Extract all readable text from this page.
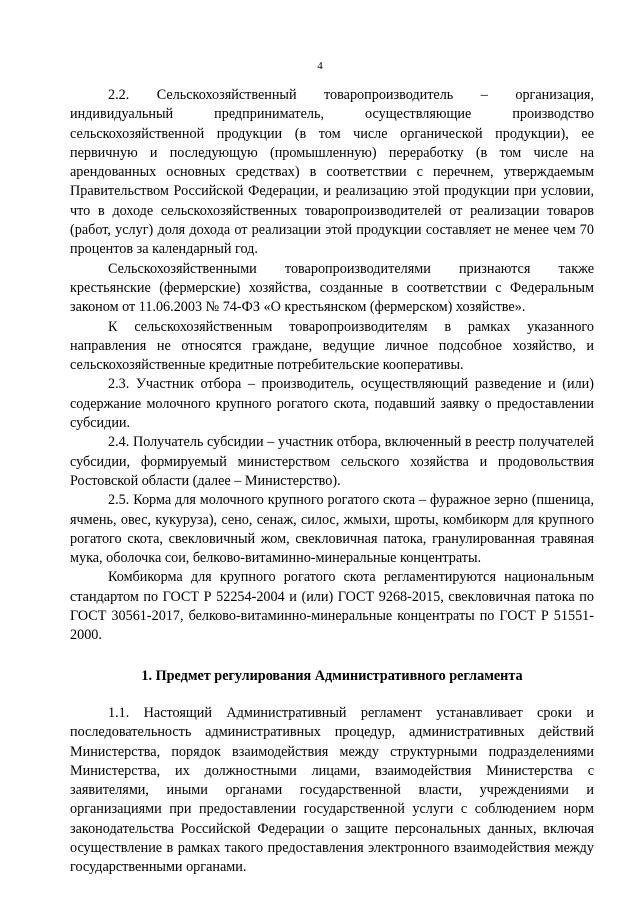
4

2.2. Сельскохозяйственный товаропроизводитель – организация, индивидуальный предприниматель, осуществляющие производство сельскохозяйственной продукции (в том числе органической продукции), ее первичную и последующую (промышленную) переработку (в том числе на арендованных основных средствах) в соответствии с перечнем, утверждаемым Правительством Российской Федерации, и реализацию этой продукции при условии, что в доходе сельскохозяйственных товаропроизводителей от реализации товаров (работ, услуг) доля дохода от реализации этой продукции составляет не менее чем 70 процентов за календарный год.

Сельскохозяйственными товаропроизводителями признаются также крестьянские (фермерские) хозяйства, созданные в соответствии с Федеральным законом от 11.06.2003 № 74-ФЗ «О крестьянском (фермерском) хозяйстве».

К сельскохозяйственным товаропроизводителям в рамках указанного направления не относятся граждане, ведущие личное подсобное хозяйство, и сельскохозяйственные кредитные потребительские кооперативы.

2.3. Участник отбора – производитель, осуществляющий разведение и (или) содержание молочного крупного рогатого скота, подавший заявку о предоставлении субсидии.

2.4. Получатель субсидии – участник отбора, включенный в реестр получателей субсидии, формируемый министерством сельского хозяйства и продовольствия Ростовской области (далее – Министерство).

2.5. Корма для молочного крупного рогатого скота – фуражное зерно (пшеница, ячмень, овес, кукуруза), сено, сенаж, силос, жмыхи, шроты, комбикорм для крупного рогатого скота, свекловичный жом, свекловичная патока, гранулированная травяная мука, оболочка сои, белково-витаминно-минеральные концентраты.

Комбикорма для крупного рогатого скота регламентируются национальным стандартом по ГОСТ Р 52254-2004 и (или) ГОСТ 9268-2015, свекловичная патока по ГОСТ 30561-2017, белково-витаминно-минеральные концентраты по ГОСТ Р 51551-2000.

1. Предмет регулирования Административного регламента

1.1. Настоящий Административный регламент устанавливает сроки и последовательность административных процедур, административных действий Министерства, порядок взаимодействия между структурными подразделениями Министерства, их должностными лицами, взаимодействия Министерства с заявителями, иными органами государственной власти, учреждениями и организациями при предоставлении государственной услуги с соблюдением норм законодательства Российской Федерации о защите персональных данных, включая осуществление в рамках такого предоставления электронного взаимодействия между государственными органами.
